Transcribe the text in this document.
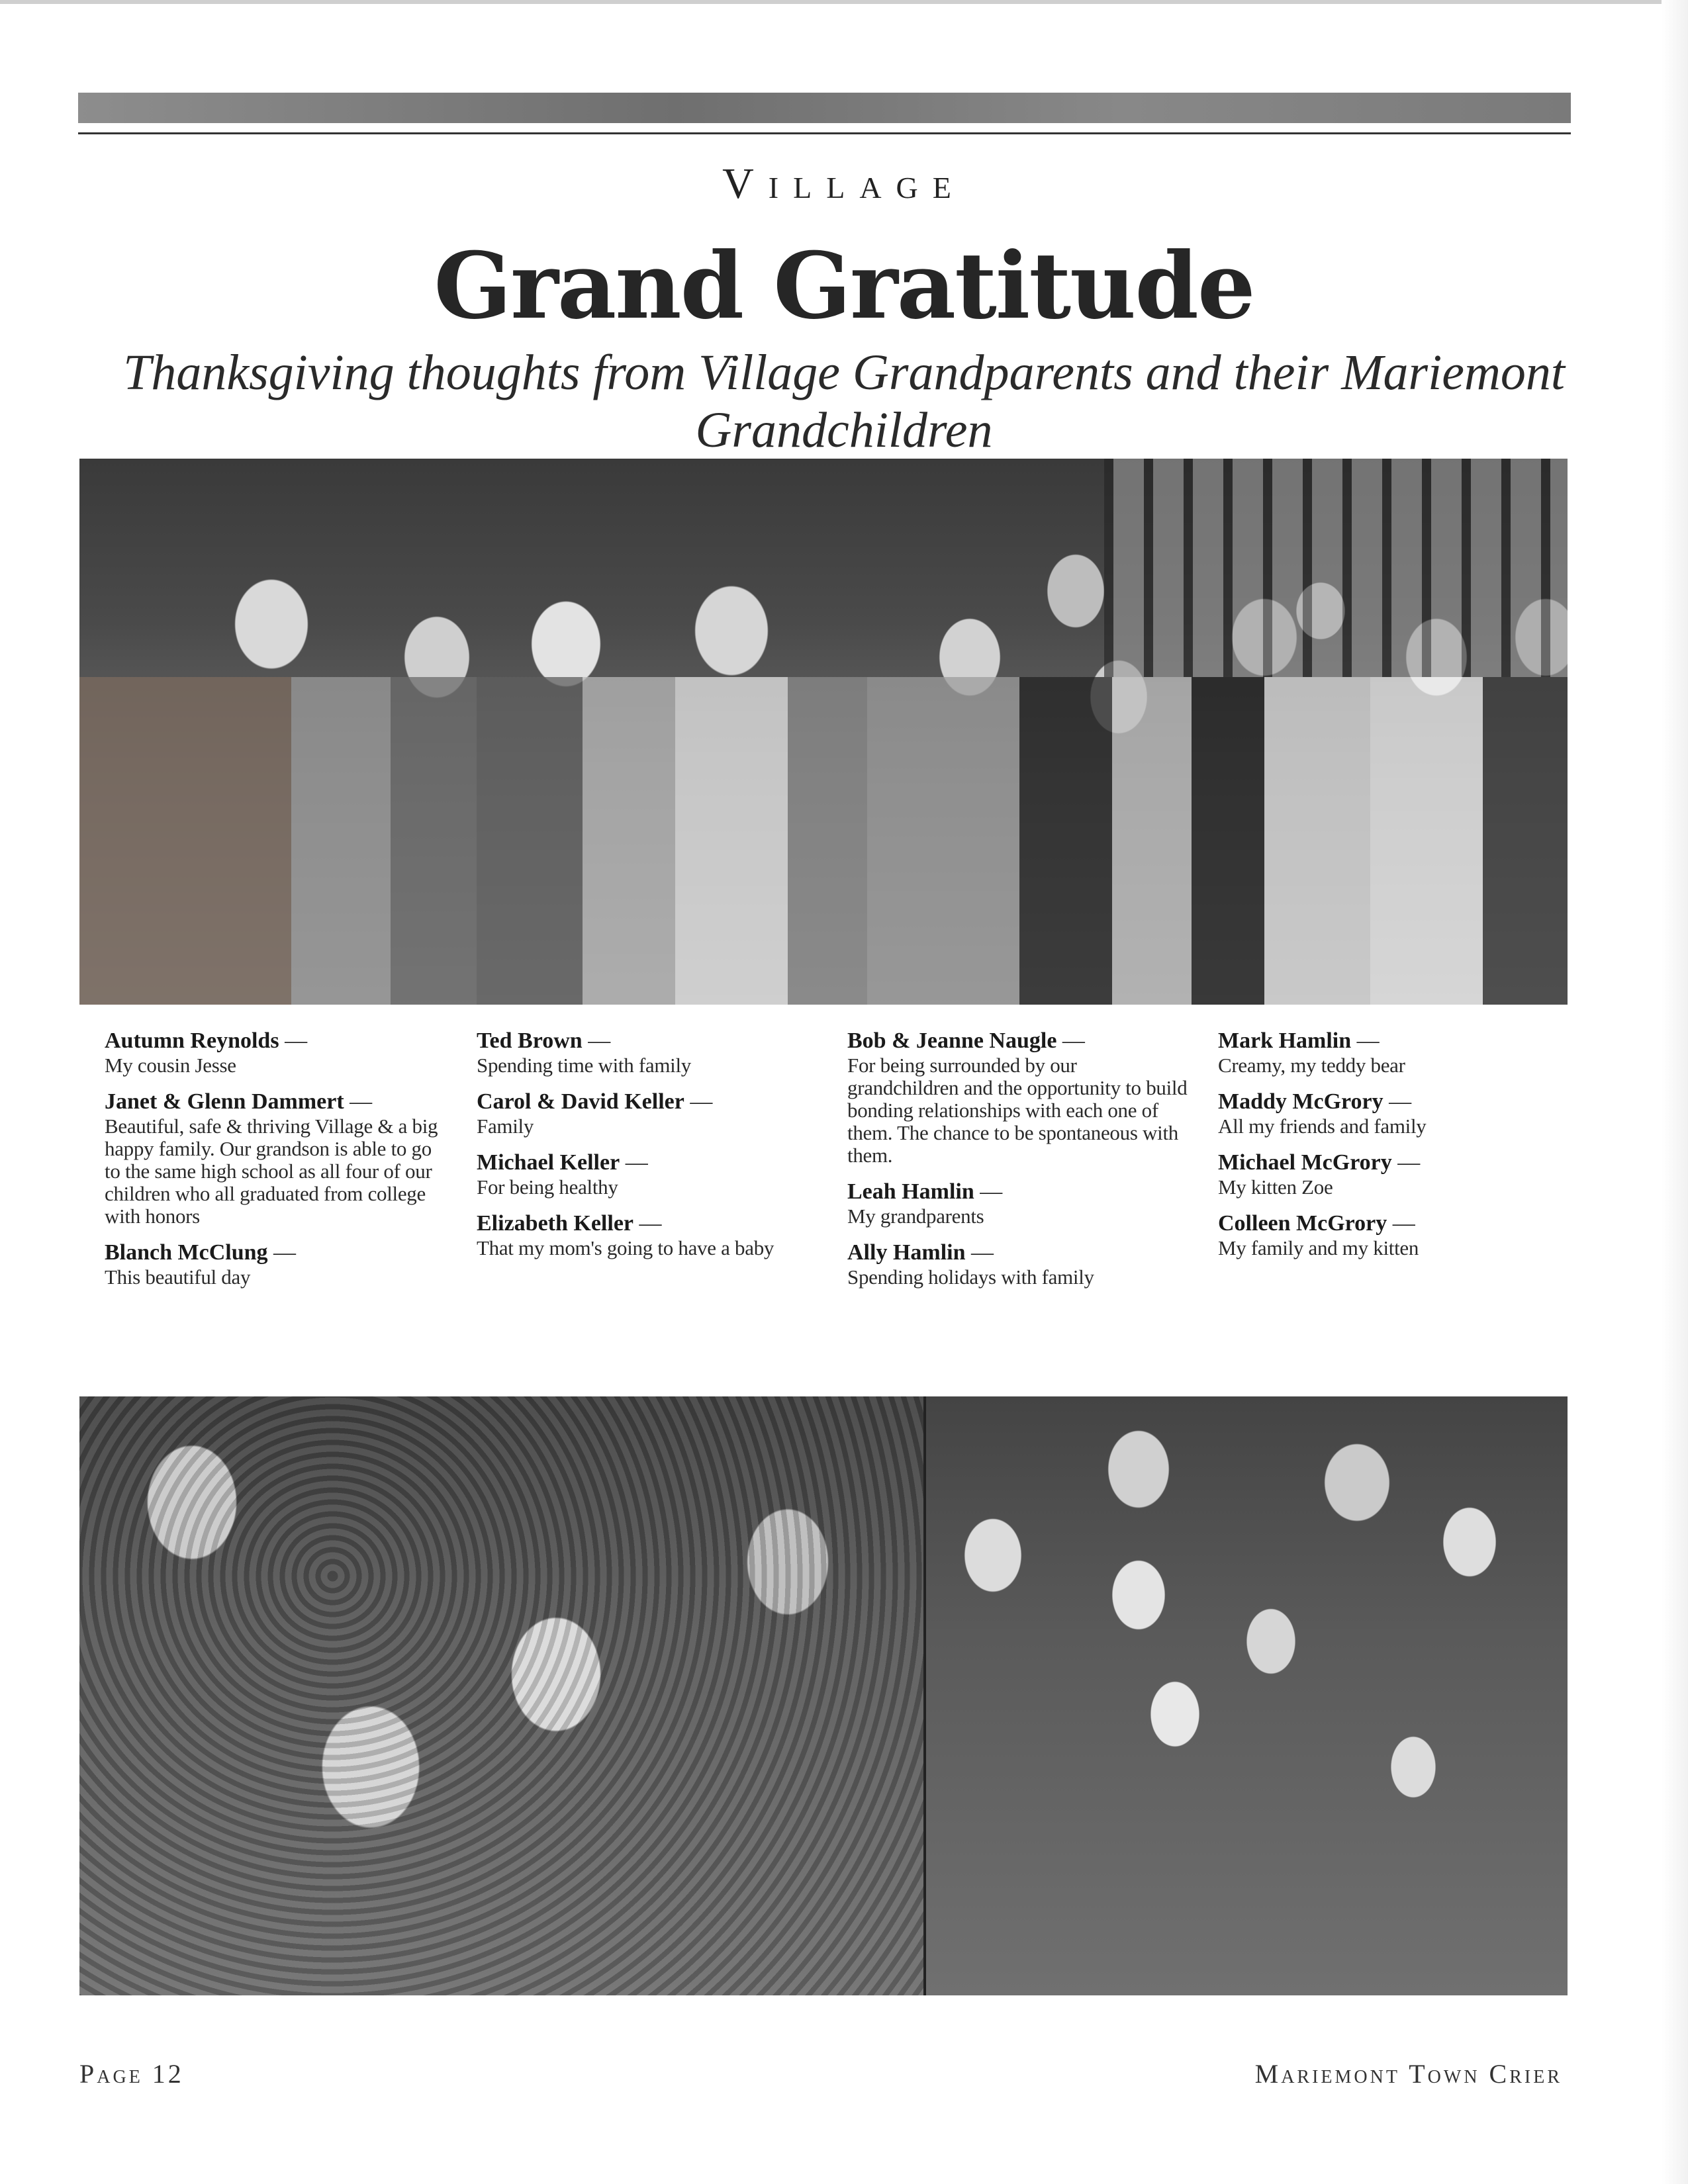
Village
Grand Gratitude
Thanksgiving thoughts from Village Grandparents and their Mariemont Grandchildren
Autumn Reynolds —
My cousin Jesse
Janet & Glenn Dammert —
Beautiful, safe & thriving Village & a big happy family. Our grandson is able to go to the same high school as all four of our children who all graduated from college with honors
Blanch McClung —
This beautiful day
Ted Brown —
Spending time with family
Carol & David Keller —
Family
Michael Keller —
For being healthy
Elizabeth Keller —
That my mom's going to have a baby
Bob & Jeanne Naugle —
For being surrounded by our grandchildren and the opportunity to build bonding relationships with each one of them. The chance to be spontaneous with them.
Leah Hamlin —
My grandparents
Ally Hamlin —
Spending holidays with family
Mark Hamlin —
Creamy, my teddy bear
Maddy McGrory —
All my friends and family
Michael McGrory —
My kitten Zoe
Colleen McGrory —
My family and my kitten
Page 12	Mariemont Town Crier
